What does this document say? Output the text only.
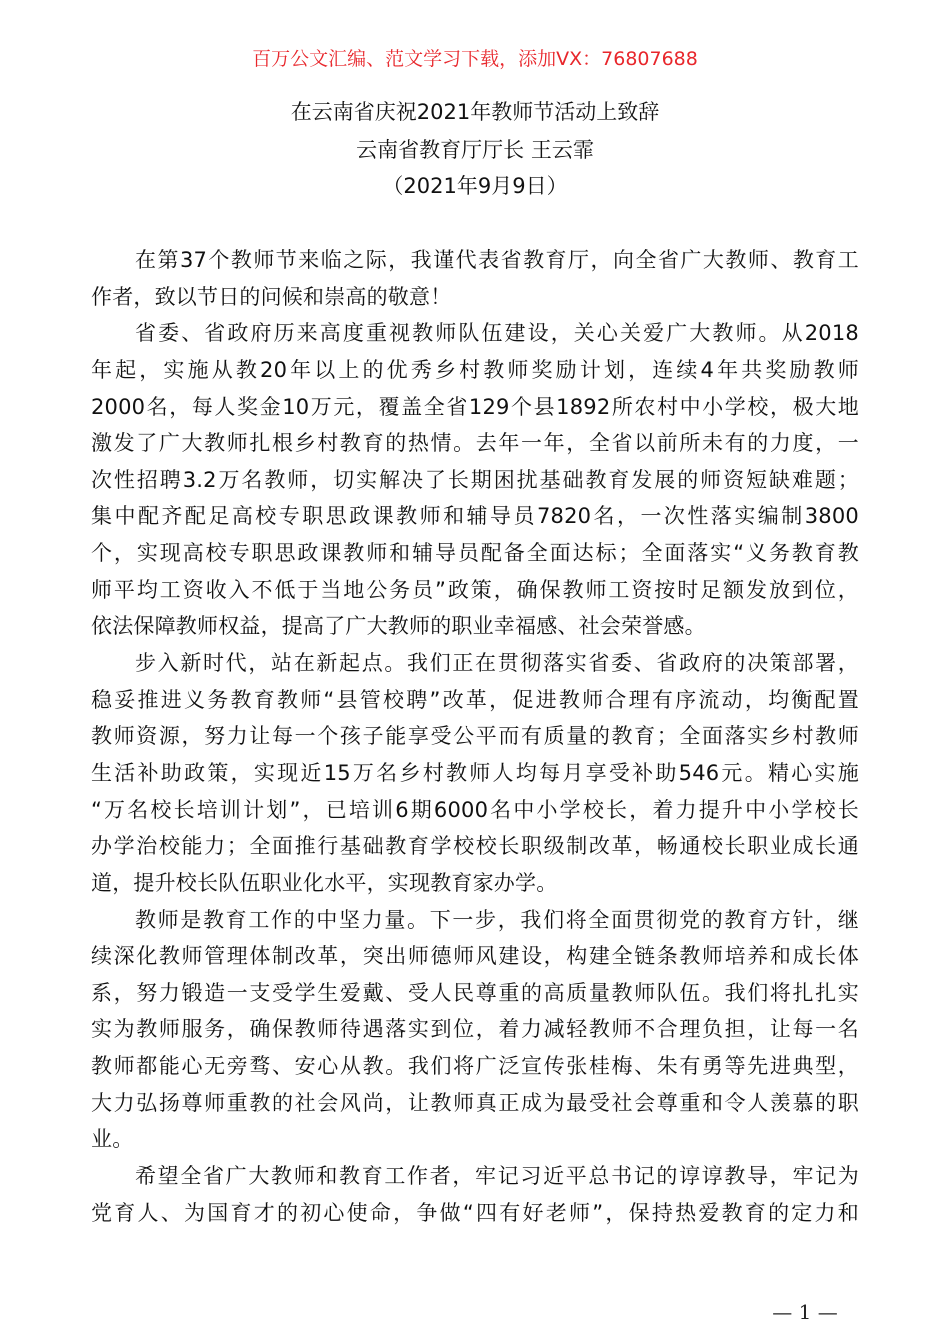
百万公文汇编、范文学习下载，添加VX：76807688
在云南省庆祝2021年教师节活动上致辞
云南省教育厅厅长 王云霏
（2021年9月9日）
在第37个教师节来临之际，我谨代表省教育厅，向全省广大教师、教育工
作者，致以节日的问候和崇高的敬意！
省委、省政府历来高度重视教师队伍建设，关心关爱广大教师。从2018
年起，实施从教20年以上的优秀乡村教师奖励计划，连续4年共奖励教师
2000名，每人奖金10万元，覆盖全省129个县1892所农村中小学校，极大地
激发了广大教师扎根乡村教育的热情。去年一年，全省以前所未有的力度，一
次性招聘3.2万名教师，切实解决了长期困扰基础教育发展的师资短缺难题；
集中配齐配足高校专职思政课教师和辅导员7820名，一次性落实编制3800
个，实现高校专职思政课教师和辅导员配备全面达标；全面落实“义务教育教
师平均工资收入不低于当地公务员”政策，确保教师工资按时足额发放到位，
依法保障教师权益，提高了广大教师的职业幸福感、社会荣誉感。
步入新时代，站在新起点。我们正在贯彻落实省委、省政府的决策部署，
稳妥推进义务教育教师“县管校聘”改革，促进教师合理有序流动，均衡配置
教师资源，努力让每一个孩子能享受公平而有质量的教育；全面落实乡村教师
生活补助政策，实现近15万名乡村教师人均每月享受补助546元。精心实施
“万名校长培训计划”，已培训6期6000名中小学校长，着力提升中小学校长
办学治校能力；全面推行基础教育学校校长职级制改革，畅通校长职业成长通
道，提升校长队伍职业化水平，实现教育家办学。
教师是教育工作的中坚力量。下一步，我们将全面贯彻党的教育方针，继
续深化教师管理体制改革，突出师德师风建设，构建全链条教师培养和成长体
系，努力锻造一支受学生爱戴、受人民尊重的高质量教师队伍。我们将扎扎实
实为教师服务，确保教师待遇落实到位，着力减轻教师不合理负担，让每一名
教师都能心无旁骛、安心从教。我们将广泛宣传张桂梅、朱有勇等先进典型，
大力弘扬尊师重教的社会风尚，让教师真正成为最受社会尊重和令人羡慕的职
业。
希望全省广大教师和教育工作者，牢记习近平总书记的谆谆教导，牢记为
党育人、为国育才的初心使命，争做“四有好老师”，保持热爱教育的定力和
— 1 —
